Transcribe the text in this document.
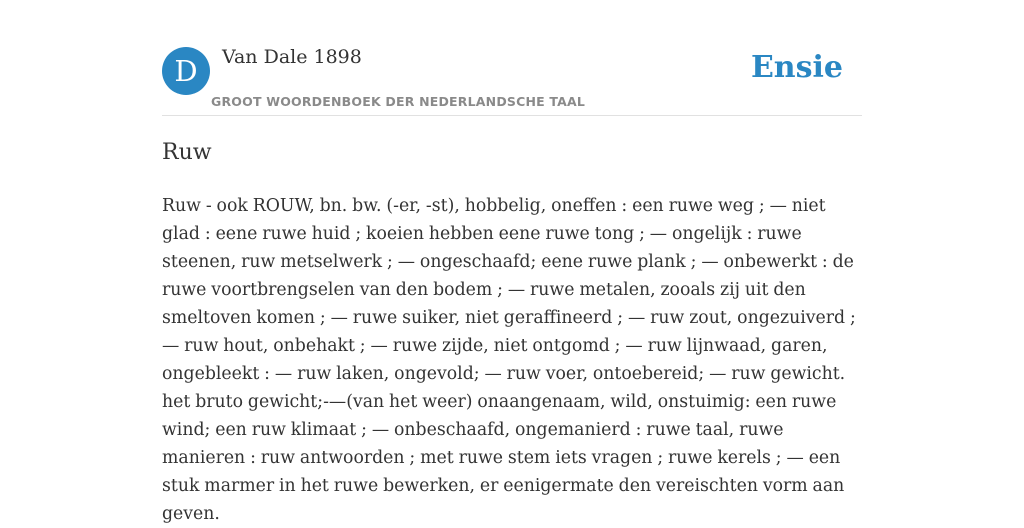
D	Van Dale 1898
GROOT WOORDENBOEK DER NEDERLANDSCHE TAAL
Ensie
Ruw

Ruw - ook ROUW, bn. bw. (-er, -st), hobbelig, oneffen : een ruwe weg ; — niet glad : eene ruwe huid ; koeien hebben eene ruwe tong ; — ongelijk : ruwe steenen, ruw metselwerk ; — ongeschaafd; eene ruwe plank ; — onbewerkt : de ruwe voortbrengselen van den bodem ; — ruwe metalen, zooals zij uit den smeltoven komen ; — ruwe suiker, niet geraffineerd ; — ruw zout, ongezuiverd ; — ruw hout, onbehakt ; — ruwe zijde, niet ontgomd ; — ruw lijnwaad, garen, ongebleekt : — ruw laken, ongevold; — ruw voer, ontoebereid; — ruw gewicht. het bruto gewicht;-—(van het weer) onaangenaam, wild, onstuimig: een ruwe wind; een ruw klimaat ; — onbeschaafd, ongemanierd : ruwe taal, ruwe manieren : ruw antwoorden ; met ruwe stem iets vragen ; ruwe kerels ; — een stuk marmer in het ruwe bewerken, er eenigermate den vereischten vorm aan geven.
